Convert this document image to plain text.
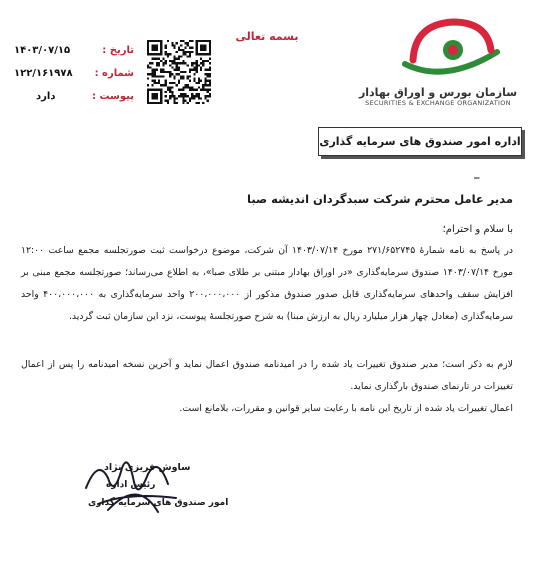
بسمه تعالی
تاریخ :
۱۴۰۳/۰۷/۱۵
شماره :
۱۲۲/۱۶۱۹۷۸
پیوست :
دارد	سازمان بورس و اوراق بهادار
SECURITIES & EXCHANGE ORGANIZATION
اداره امور صندوق های سرمایه گذاری
_
مدیر عامل محترم شرکت سبدگردان اندیشه صبا
با سلام و احترام؛
در پاسخ به نامه شمارۀ ۲۷۱/۶۵۲۷۴۵ مورخ ۱۴۰۳/۰۷/۱۴ آن شرکت، موضوع درخواست ثبت صورتجلسه مجمع ساعت ۱۲:۰۰ مورخ ۱۴۰۳/۰۷/۱۴ صندوق سرمایه‌گذاری «در اوراق بهادار مبتنی بر طلای صبا»، به اطلاع می‌رساند؛ صورتجلسه مجمع مبنی بر افزایش سقف واحدهای سرمایه‌گذاری قابل صدور صندوق مذکور از ۲۰۰،۰۰۰،۰۰۰ واحد سرمایه‌گذاری به ۴۰۰،۰۰۰،۰۰۰ واحد سرمایه‌گذاری (معادل چهار هزار میلیارد ریال به ارزش مبنا) به شرح صورتجلسۀ پیوست، نزد این سازمان ثبت گردید.
لازم به ذکر است؛ مدیر صندوق تغییرات یاد شده را در امیدنامه صندوق اعمال نماید و آخرین نسخه امیدنامه را پس از اعمال تغییرات در تارنمای صندوق بارگذاری نماید.
اعمال تغییرات یاد شده از تاریخ این نامه با رعایت سایر قوانین و مقررات، بلامانع است.
ساوش فریزی نژاد
رئیس اداره
امور صندوق های سرمایه گذاری
